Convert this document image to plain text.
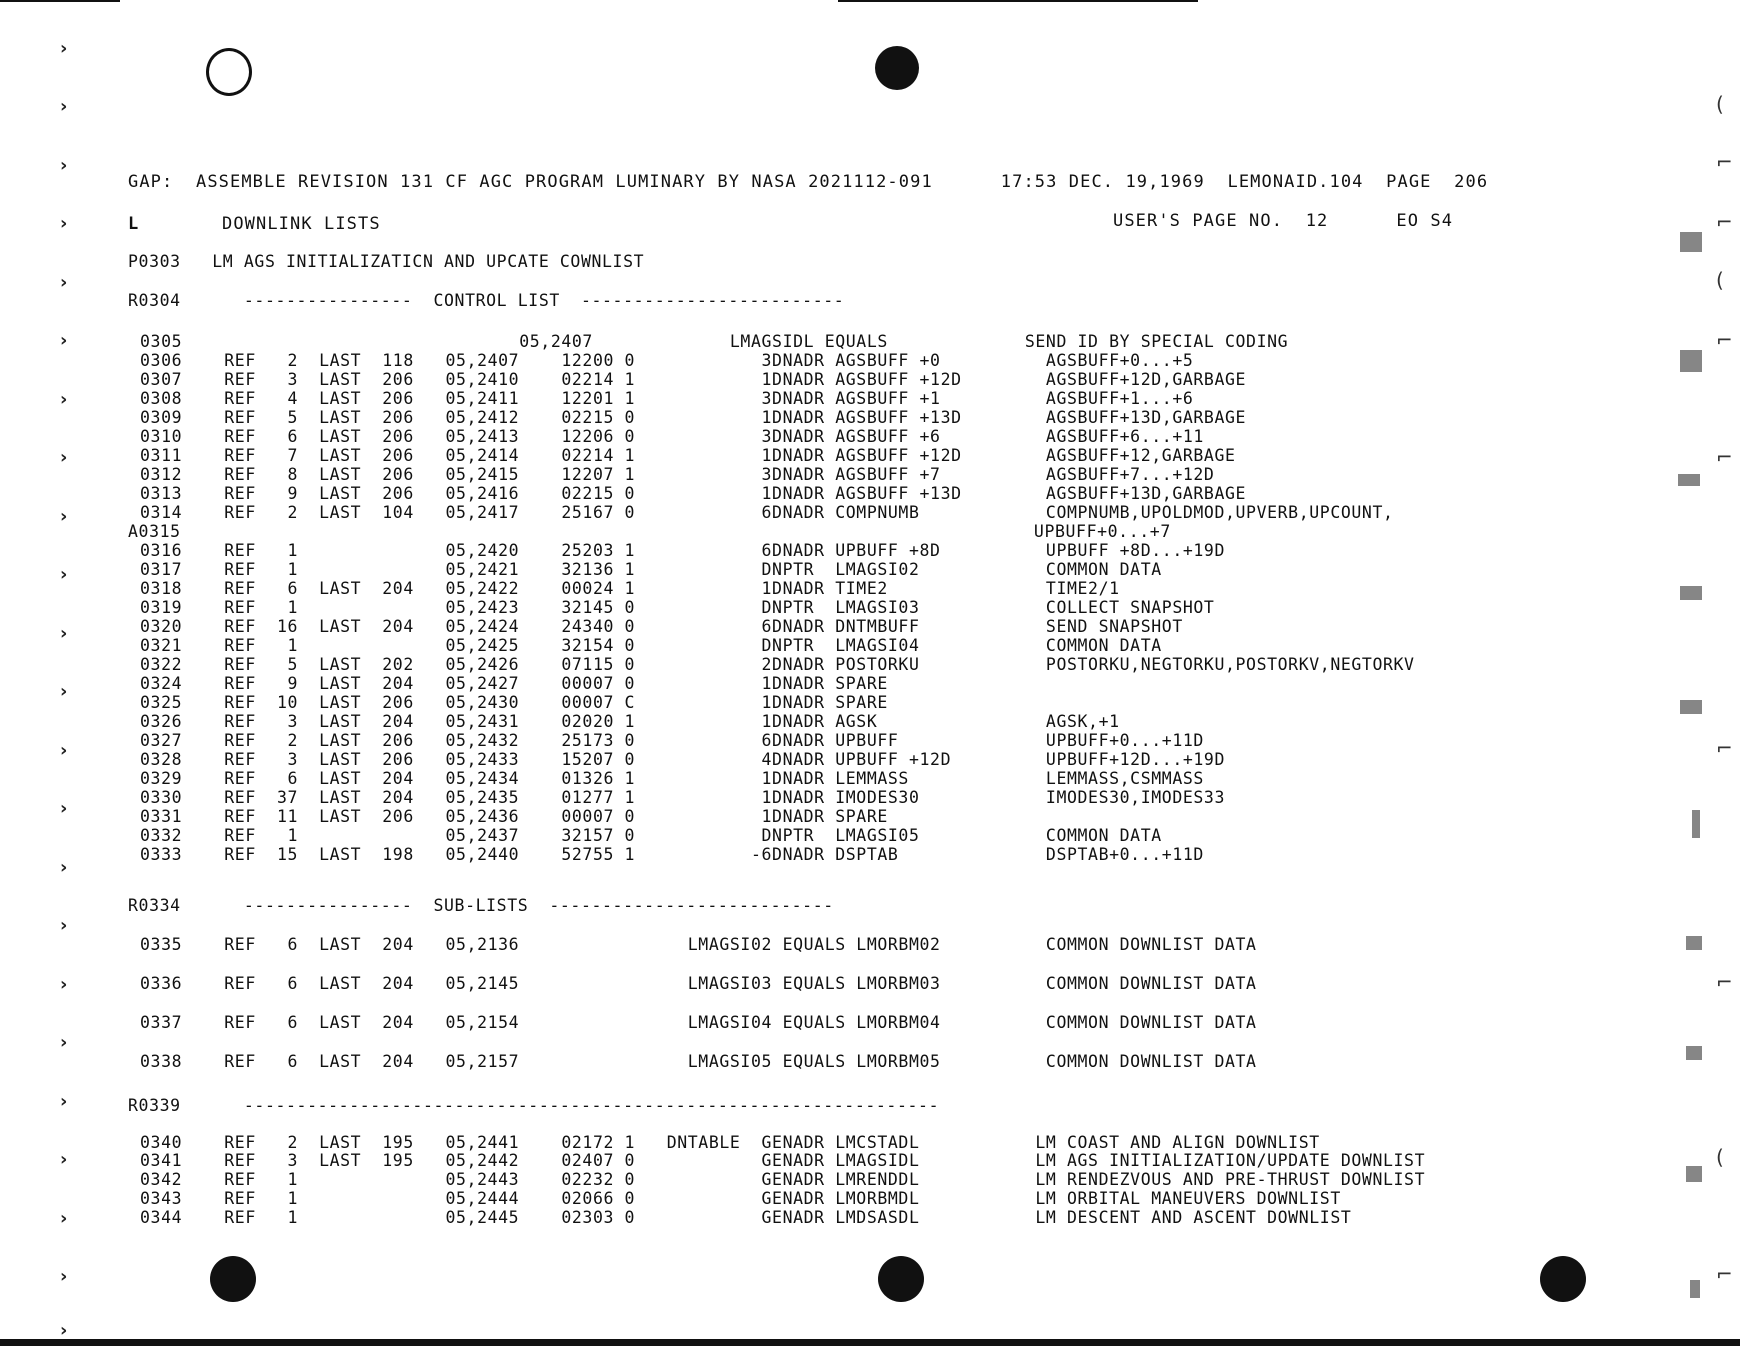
›
›
›
›
›
›
›
›
›
›
›
›
›
›
›
›
›
›
›
›
›
›
›
(
⌐
⌐
(
⌐
⌐
⌐
⌐
(
⌐
GAP:  ASSEMBLE REVISION 131 CF AGC PROGRAM LUMINARY BY NASA 2021112-091      17:53 DEC. 19,1969  LEMONAID.104  PAGE  206
L	DOWNLINK LISTS	USER'S PAGE NO.  12      EO S4
P0303   LM AGS INITIALIZATICN AND UPCATE COWNLIST
R0304      ----------------  CONTROL LIST  -------------------------
0305                                05,2407             LMAGSIDL EQUALS             SEND ID BY SPECIAL CODING
0306    REF   2  LAST  118   05,2407    12200 0            3DNADR AGSBUFF +0          AGSBUFF+0...+5
0307    REF   3  LAST  206   05,2410    02214 1            1DNADR AGSBUFF +12D        AGSBUFF+12D,GARBAGE
0308    REF   4  LAST  206   05,2411    12201 1            3DNADR AGSBUFF +1          AGSBUFF+1...+6
0309    REF   5  LAST  206   05,2412    02215 0            1DNADR AGSBUFF +13D        AGSBUFF+13D,GARBAGE
0310    REF   6  LAST  206   05,2413    12206 0            3DNADR AGSBUFF +6          AGSBUFF+6...+11
0311    REF   7  LAST  206   05,2414    02214 1            1DNADR AGSBUFF +12D        AGSBUFF+12,GARBAGE
0312    REF   8  LAST  206   05,2415    12207 1            3DNADR AGSBUFF +7          AGSBUFF+7...+12D
0313    REF   9  LAST  206   05,2416    02215 0            1DNADR AGSBUFF +13D        AGSBUFF+13D,GARBAGE
0314    REF   2  LAST  104   05,2417    25167 0            6DNADR COMPNUMB            COMPNUMB,UPOLDMOD,UPVERB,UPCOUNT,
A0315                                                                                 UPBUFF+0...+7
0316    REF   1              05,2420    25203 1            6DNADR UPBUFF +8D          UPBUFF +8D...+19D
0317    REF   1              05,2421    32136 1            DNPTR  LMAGSI02            COMMON DATA
0318    REF   6  LAST  204   05,2422    00024 1            1DNADR TIME2               TIME2/1
0319    REF   1              05,2423    32145 0            DNPTR  LMAGSI03            COLLECT SNAPSHOT
0320    REF  16  LAST  204   05,2424    24340 0            6DNADR DNTMBUFF            SEND SNAPSHOT
0321    REF   1              05,2425    32154 0            DNPTR  LMAGSI04            COMMON DATA
0322    REF   5  LAST  202   05,2426    07115 0            2DNADR POSTORKU            POSTORKU,NEGTORKU,POSTORKV,NEGTORKV
0324    REF   9  LAST  204   05,2427    00007 0            1DNADR SPARE
0325    REF  10  LAST  206   05,2430    00007 C            1DNADR SPARE
0326    REF   3  LAST  204   05,2431    02020 1            1DNADR AGSK                AGSK,+1
0327    REF   2  LAST  206   05,2432    25173 0            6DNADR UPBUFF              UPBUFF+0...+11D
0328    REF   3  LAST  206   05,2433    15207 0            4DNADR UPBUFF +12D         UPBUFF+12D...+19D
0329    REF   6  LAST  204   05,2434    01326 1            1DNADR LEMMASS             LEMMASS,CSMMASS
0330    REF  37  LAST  204   05,2435    01277 1            1DNADR IMODES30            IMODES30,IMODES33
0331    REF  11  LAST  206   05,2436    00007 0            1DNADR SPARE
0332    REF   1              05,2437    32157 0            DNPTR  LMAGSI05            COMMON DATA
0333    REF  15  LAST  198   05,2440    52755 1           -6DNADR DSPTAB              DSPTAB+0...+11D
R0334      ----------------  SUB-LISTS  ---------------------------
0335    REF   6  LAST  204   05,2136                LMAGSI02 EQUALS LMORBM02          COMMON DOWNLIST DATA
0336    REF   6  LAST  204   05,2145                LMAGSI03 EQUALS LMORBM03          COMMON DOWNLIST DATA
0337    REF   6  LAST  204   05,2154                LMAGSI04 EQUALS LMORBM04          COMMON DOWNLIST DATA
0338    REF   6  LAST  204   05,2157                LMAGSI05 EQUALS LMORBM05          COMMON DOWNLIST DATA
R0339      ------------------------------------------------------------------
0340    REF   2  LAST  195   05,2441    02172 1   DNTABLE  GENADR LMCSTADL           LM COAST AND ALIGN DOWNLIST
0341    REF   3  LAST  195   05,2442    02407 0            GENADR LMAGSIDL           LM AGS INITIALIZATION/UPDATE DOWNLIST
0342    REF   1              05,2443    02232 0            GENADR LMRENDDL           LM RENDEZVOUS AND PRE-THRUST DOWNLIST
0343    REF   1              05,2444    02066 0            GENADR LMORBMDL           LM ORBITAL MANEUVERS DOWNLIST
0344    REF   1              05,2445    02303 0            GENADR LMDSASDL           LM DESCENT AND ASCENT DOWNLIST
